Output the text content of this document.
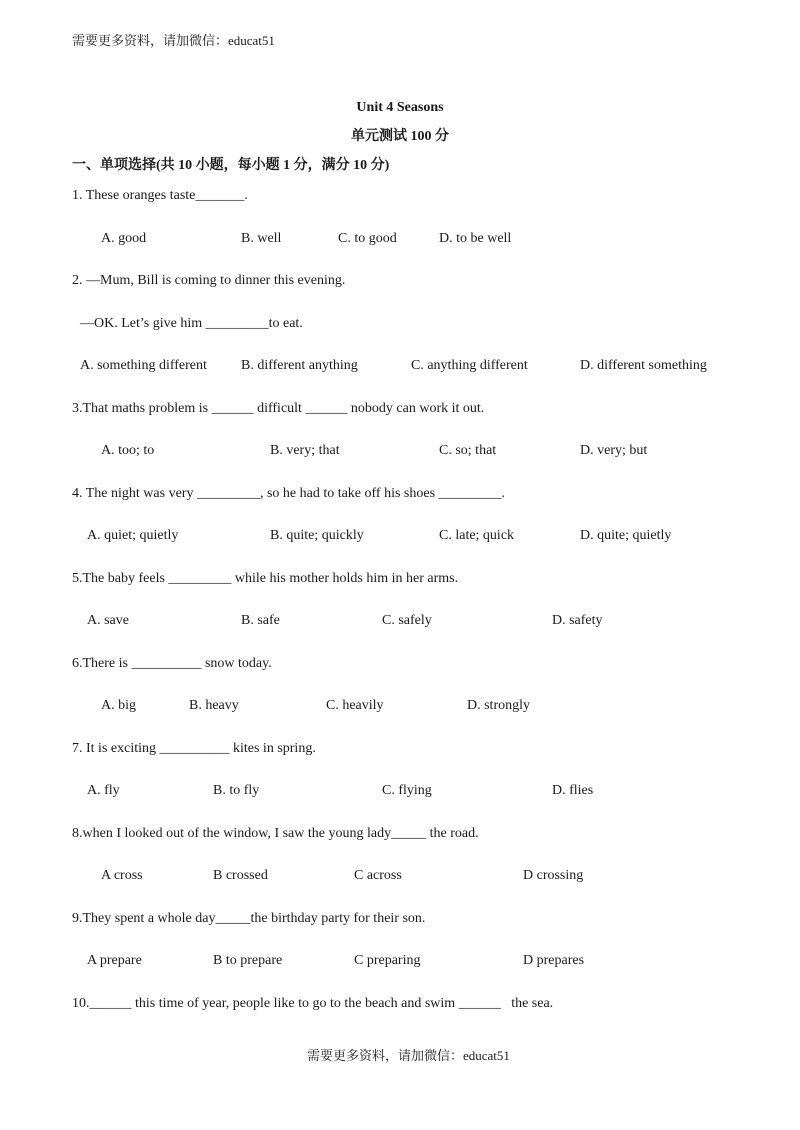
需要更多资料，请加微信：educat51
Unit 4 Seasons
单元测试 100 分
一、单项选择(共 10 小题，每小题 1 分，满分 10 分)
1. These oranges taste_______.
A. good	B. well	C. to good	D. to be well
2. —Mum, Bill is coming to dinner this evening.
—OK. Let’s give him _________to eat.
A. something different B. different anything	C. anything different	D. different something
3.That maths problem is ______ difficult ______ nobody can work it out.
A. too; to	B. very; that	C. so; that	D. very; but
4. The night was very _________, so he had to take off his shoes _________.
A. quiet; quietly	B. quite; quickly	C. late; quick	D. quite; quietly
5.The baby feels _________ while his mother holds him in her arms.
A. save	B. safe	C. safely	D. safety
6.There is __________ snow today.
A. big	B. heavy	C. heavily	D. strongly
7. It is exciting __________ kites in spring.
A. fly	B. to fly	C. flying	D. flies
8.when I looked out of the window, I saw the young lady_____ the road.
A cross	B crossed	C across	D crossing
9.They spent a whole day_____the birthday party for their son.
A prepare	B to prepare	C preparing	D prepares
10.______ this time of year, people like to go to the beach and swim ______   the sea.
需要更多资料，请加微信：educat51
